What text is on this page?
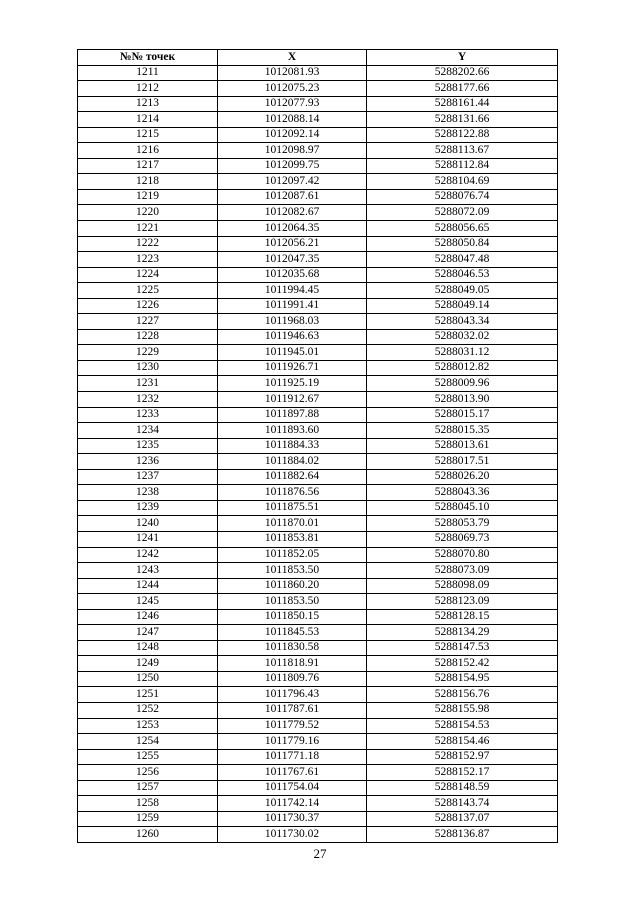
№№ точек	X	Y
1211	1012081.93	5288202.66
1212	1012075.23	5288177.66
1213	1012077.93	5288161.44
1214	1012088.14	5288131.66
1215	1012092.14	5288122.88
1216	1012098.97	5288113.67
1217	1012099.75	5288112.84
1218	1012097.42	5288104.69
1219	1012087.61	5288076.74
1220	1012082.67	5288072.09
1221	1012064.35	5288056.65
1222	1012056.21	5288050.84
1223	1012047.35	5288047.48
1224	1012035.68	5288046.53
1225	1011994.45	5288049.05
1226	1011991.41	5288049.14
1227	1011968.03	5288043.34
1228	1011946.63	5288032.02
1229	1011945.01	5288031.12
1230	1011926.71	5288012.82
1231	1011925.19	5288009.96
1232	1011912.67	5288013.90
1233	1011897.88	5288015.17
1234	1011893.60	5288015.35
1235	1011884.33	5288013.61
1236	1011884.02	5288017.51
1237	1011882.64	5288026.20
1238	1011876.56	5288043.36
1239	1011875.51	5288045.10
1240	1011870.01	5288053.79
1241	1011853.81	5288069.73
1242	1011852.05	5288070.80
1243	1011853.50	5288073.09
1244	1011860.20	5288098.09
1245	1011853.50	5288123.09
1246	1011850.15	5288128.15
1247	1011845.53	5288134.29
1248	1011830.58	5288147.53
1249	1011818.91	5288152.42
1250	1011809.76	5288154.95
1251	1011796.43	5288156.76
1252	1011787.61	5288155.98
1253	1011779.52	5288154.53
1254	1011779.16	5288154.46
1255	1011771.18	5288152.97
1256	1011767.61	5288152.17
1257	1011754.04	5288148.59
1258	1011742.14	5288143.74
1259	1011730.37	5288137.07
1260	1011730.02	5288136.87
27
